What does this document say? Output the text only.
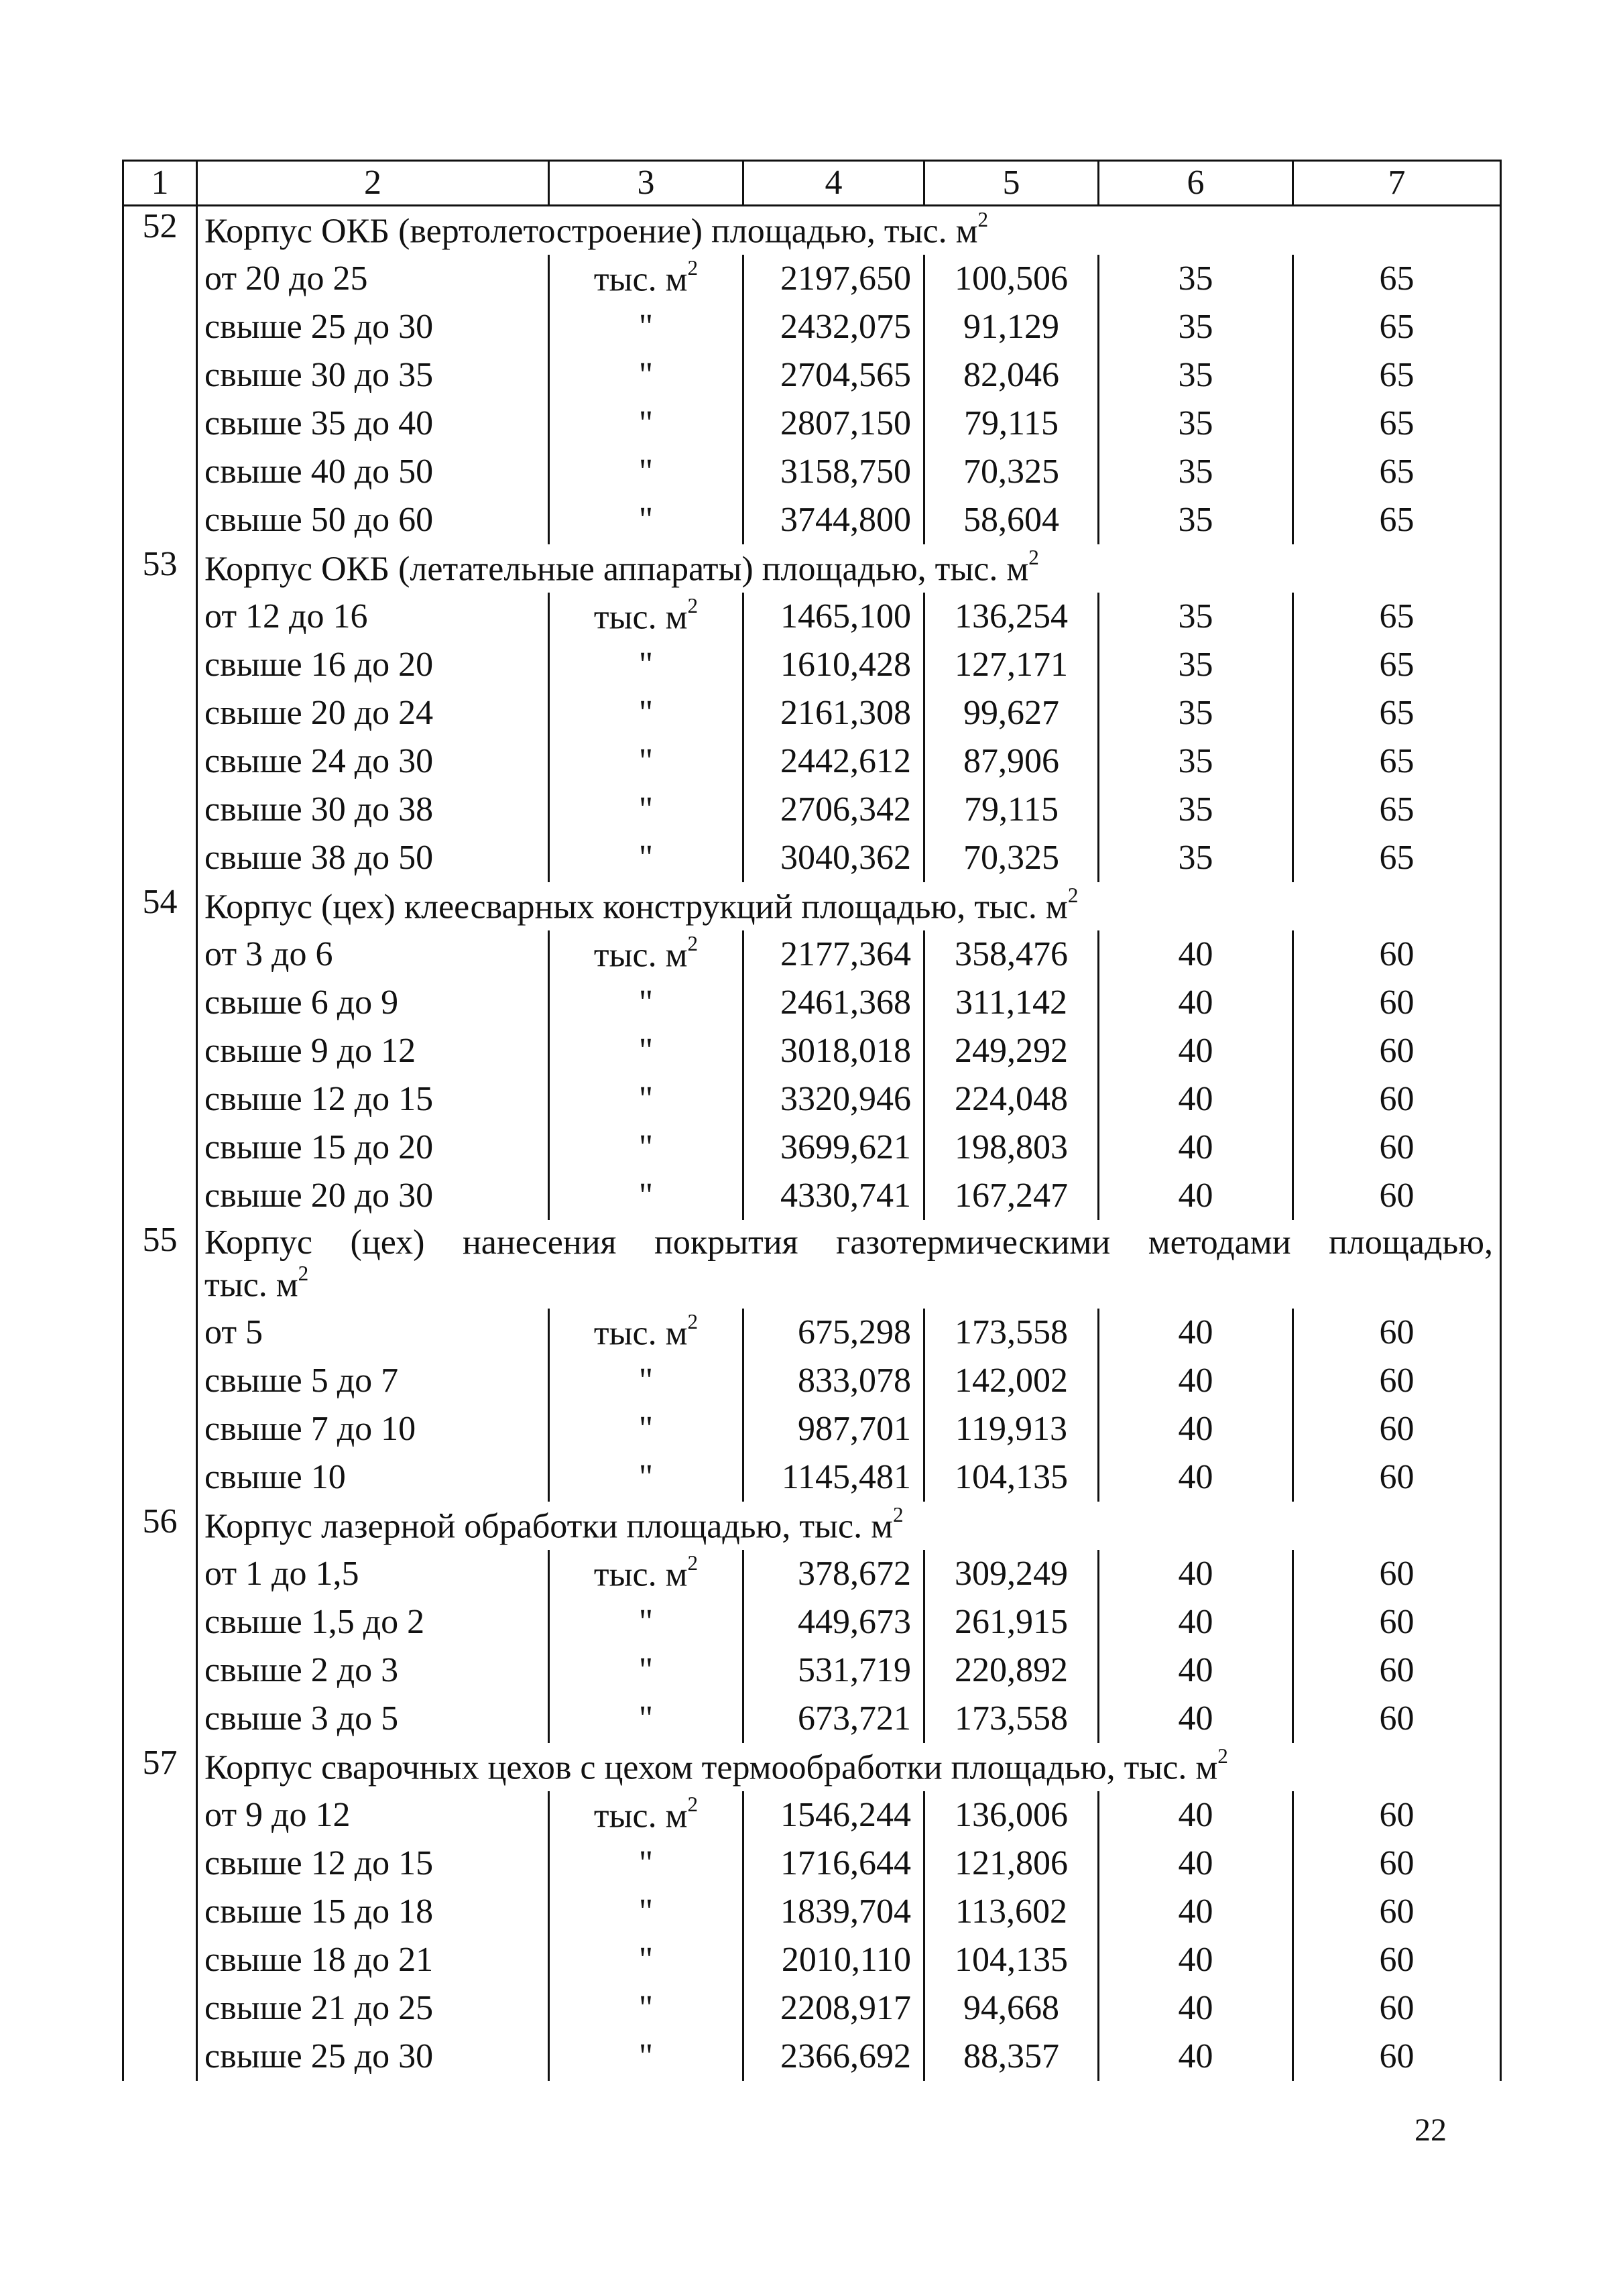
1	2	3	4	5	6	7
52	Корпус ОКБ (вертолетостроение) площадью, тыс. $м^2$
	от 20 до 25	тыс. $м^2$	2197,650	100,506	35	65
	свыше 25 до 30	"	2432,075	91,129	35	65
	свыше 30 до 35	"	2704,565	82,046	35	65
	свыше 35 до 40	"	2807,150	79,115	35	65
	свыше 40 до 50	"	3158,750	70,325	35	65
	свыше 50 до 60	"	3744,800	58,604	35	65
53	Корпус ОКБ (летательные аппараты) площадью, тыс. $м^2$
	от 12 до 16	тыс. $м^2$	1465,100	136,254	35	65
	свыше 16 до 20	"	1610,428	127,171	35	65
	свыше 20 до 24	"	2161,308	99,627	35	65
	свыше 24 до 30	"	2442,612	87,906	35	65
	свыше 30 до 38	"	2706,342	79,115	35	65
	свыше 38 до 50	"	3040,362	70,325	35	65
54	Корпус (цех) клеесварных конструкций площадью, тыс. $м^2$
	от 3 до 6	тыс. $м^2$	2177,364	358,476	40	60
	свыше 6 до 9	"	2461,368	311,142	40	60
	свыше 9 до 12	"	3018,018	249,292	40	60
	свыше 12 до 15	"	3320,946	224,048	40	60
	свыше 15 до 20	"	3699,621	198,803	40	60
	свыше 20 до 30	"	4330,741	167,247	40	60
55	Корпус (цех) нанесения покрытия газотермическими методами площадью,
тыс. $м^2$

	от 5	тыс. $м^2$	675,298	173,558	40	60
	свыше 5 до 7	"	833,078	142,002	40	60
	свыше 7 до 10	"	987,701	119,913	40	60
	свыше 10	"	1145,481	104,135	40	60
56	Корпус лазерной обработки площадью, тыс. $м^2$
	от 1 до 1,5	тыс. $м^2$	378,672	309,249	40	60
	свыше 1,5 до 2	"	449,673	261,915	40	60
	свыше 2 до 3	"	531,719	220,892	40	60
	свыше 3 до 5	"	673,721	173,558	40	60
57	Корпус сварочных цехов с цехом термообработки площадью, тыс. $м^2$
	от 9 до 12	тыс. $м^2$	1546,244	136,006	40	60
	свыше 12 до 15	"	1716,644	121,806	40	60
	свыше 15 до 18	"	1839,704	113,602	40	60
	свыше 18 до 21	"	2010,110	104,135	40	60
	свыше 21 до 25	"	2208,917	94,668	40	60
	свыше 25 до 30	"	2366,692	88,357	40	60
22
